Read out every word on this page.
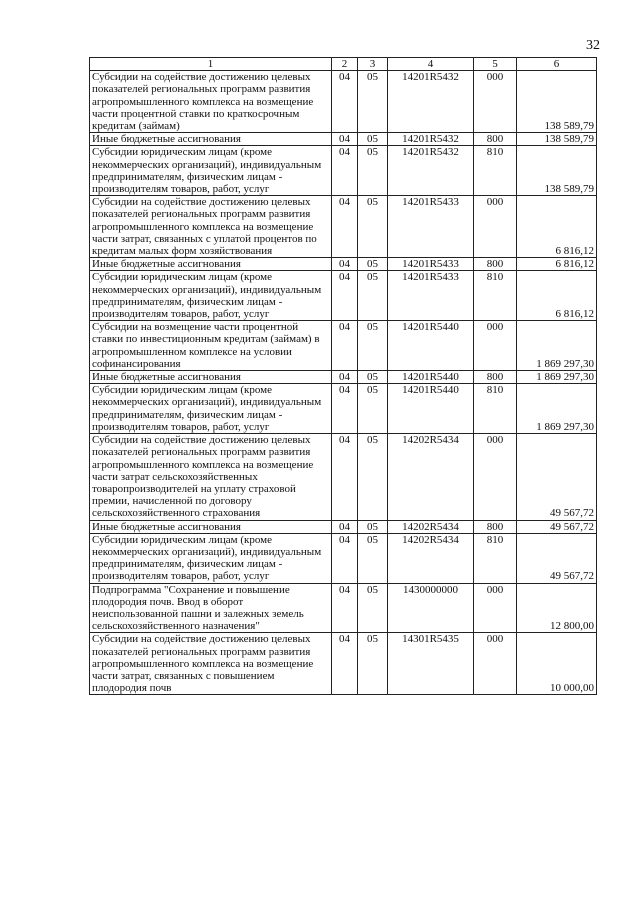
32
1	2	3	4	5	6
Субсидии на содействие достижению целевых показателей региональных программ развития агропромышленного комплекса на возмещение части процентной ставки по краткосрочным кредитам (займам)	04	05	14201R5432	000	138 589,79
Иные бюджетные ассигнования	04	05	14201R5432	800	138 589,79
Субсидии юридическим лицам (кроме некоммерческих организаций), индивидуальным предпринимателям, физическим лицам - производителям товаров, работ, услуг	04	05	14201R5432	810	138 589,79
Субсидии на содействие достижению целевых показателей региональных программ развития агропромышленного комплекса на возмещение части затрат, связанных с уплатой процентов по кредитам малых форм хозяйствования	04	05	14201R5433	000	6 816,12
Иные бюджетные ассигнования	04	05	14201R5433	800	6 816,12
Субсидии юридическим лицам (кроме некоммерческих организаций), индивидуальным предпринимателям, физическим лицам - производителям товаров, работ, услуг	04	05	14201R5433	810	6 816,12
Субсидии на возмещение части процентной ставки по инвестиционным кредитам (займам) в агропромышленном комплексе на условии софинансирования	04	05	14201R5440	000	1 869 297,30
Иные бюджетные ассигнования	04	05	14201R5440	800	1 869 297,30
Субсидии юридическим лицам (кроме некоммерческих организаций), индивидуальным предпринимателям, физическим лицам - производителям товаров, работ, услуг	04	05	14201R5440	810	1 869 297,30
Субсидии на содействие достижению целевых показателей региональных программ развития агропромышленного комплекса на возмещение части затрат сельскохозяйственных товаропроизводителей на уплату страховой премии, начисленной по договору сельскохозяйственного страхования	04	05	14202R5434	000	49 567,72
Иные бюджетные ассигнования	04	05	14202R5434	800	49 567,72
Субсидии юридическим лицам (кроме некоммерческих организаций), индивидуальным предпринимателям, физическим лицам - производителям товаров, работ, услуг	04	05	14202R5434	810	49 567,72
Подпрограмма "Сохранение и повышение плодородия почв. Ввод в оборот неиспользованной пашни и залежных земель сельскохозяйственного назначения"	04	05	1430000000	000	12 800,00
Субсидии на содействие достижению целевых показателей региональных программ развития агропромышленного комплекса на возмещение части затрат, связанных с повышением плодородия почв	04	05	14301R5435	000	10 000,00
